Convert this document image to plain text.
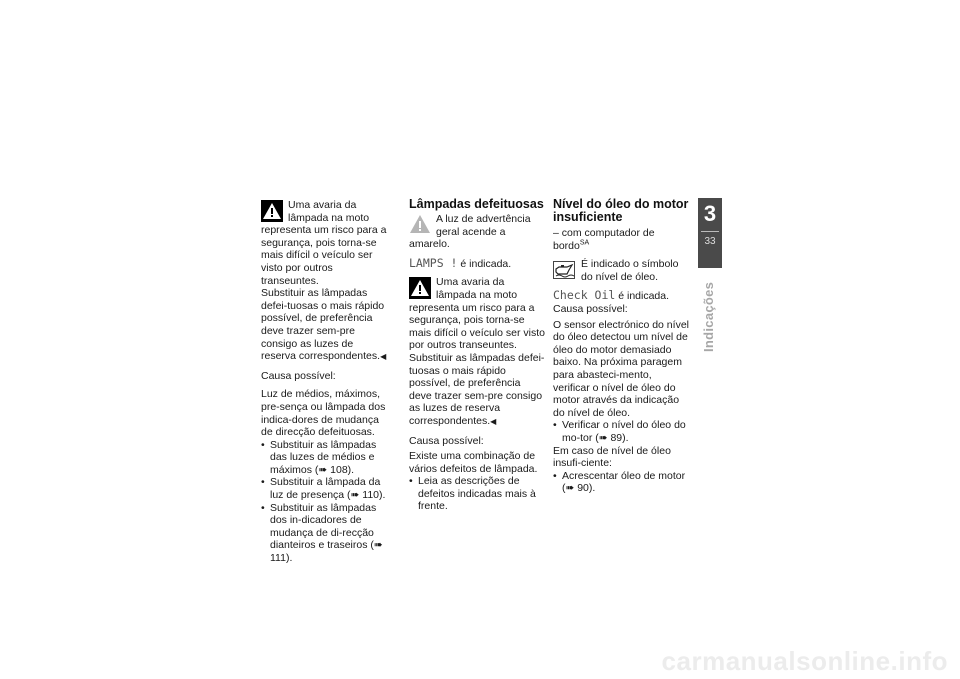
Uma avaria da lâmpada na moto representa um risco para a segurança, pois torna-se mais difícil o veículo ser visto por outros transeuntes.
Substituir as lâmpadas defei-tuosas o mais rápido possível, de preferência deve trazer sem-pre consigo as luzes de reserva correspondentes.◀
Causa possível:
Luz de médios, máximos, pre-sença ou lâmpada dos indica-dores de mudança de direcção defeituosas.
• Substituir as lâmpadas das luzes de médios e máximos (➠ 108).
• Substituir a lâmpada da luz de presença (➠ 110).
• Substituir as lâmpadas dos in-dicadores de mudança de di-recção dianteiros e traseiros (➠ 111).
Lâmpadas defeituosas
A luz de advertência geral acende a amarelo.
LAMPS ! é indicada.
Uma avaria da lâmpada na moto representa um risco para a segurança, pois torna-se mais difícil o veículo ser visto por outros transeuntes.
Substituir as lâmpadas defei-tuosas o mais rápido possível, de preferência deve trazer sem-pre consigo as luzes de reserva correspondentes.◀
Causa possível:
Existe uma combinação de vários defeitos de lâmpada.
• Leia as descrições de defeitos indicadas mais à frente.
Nível do óleo do motor insuficiente
– com computador de bordo$^{SA}$
É indicado o símbolo do nível de óleo.
Check Oil é indicada.
Causa possível:
O sensor electrónico do nível do óleo detectou um nível de óleo do motor demasiado baixo. Na próxima paragem para abasteci-mento, verificar o nível de óleo do motor através da indicação do nível de óleo.
• Verificar o nível do óleo do mo-tor (➠ 89).
Em caso de nível de óleo insufi-ciente:
• Acrescentar óleo de motor (➠ 90).
3
33
Indicações
carmanualsonline.info
